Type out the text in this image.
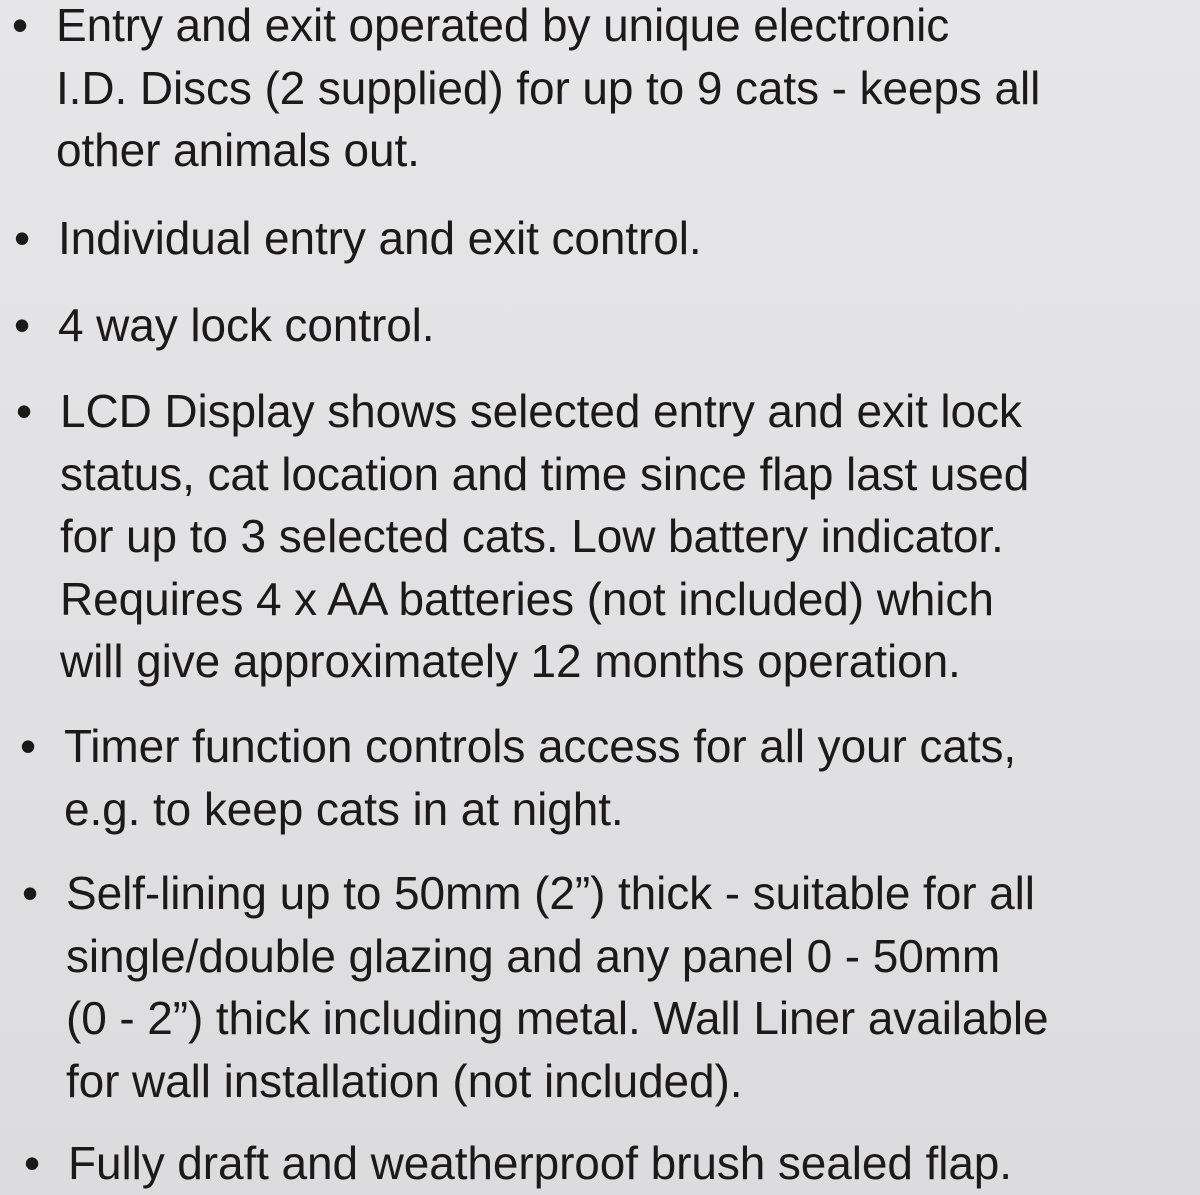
• Entry and exit operated by unique electronic
I.D. Discs (2 supplied) for up to 9 cats - keeps all
other animals out.
• Individual entry and exit control.
• 4 way lock control.
• LCD Display shows selected entry and exit lock
status, cat location and time since flap last used
for up to 3 selected cats. Low battery indicator.
Requires 4 x AA batteries (not included) which
will give approximately 12 months operation.
• Timer function controls access for all your cats,
e.g. to keep cats in at night.
• Self-lining up to 50mm (2”) thick - suitable for all
single/double glazing and any panel 0 - 50mm
(0 - 2”) thick including metal. Wall Liner available
for wall installation (not included).
• Fully draft and weatherproof brush sealed flap.
